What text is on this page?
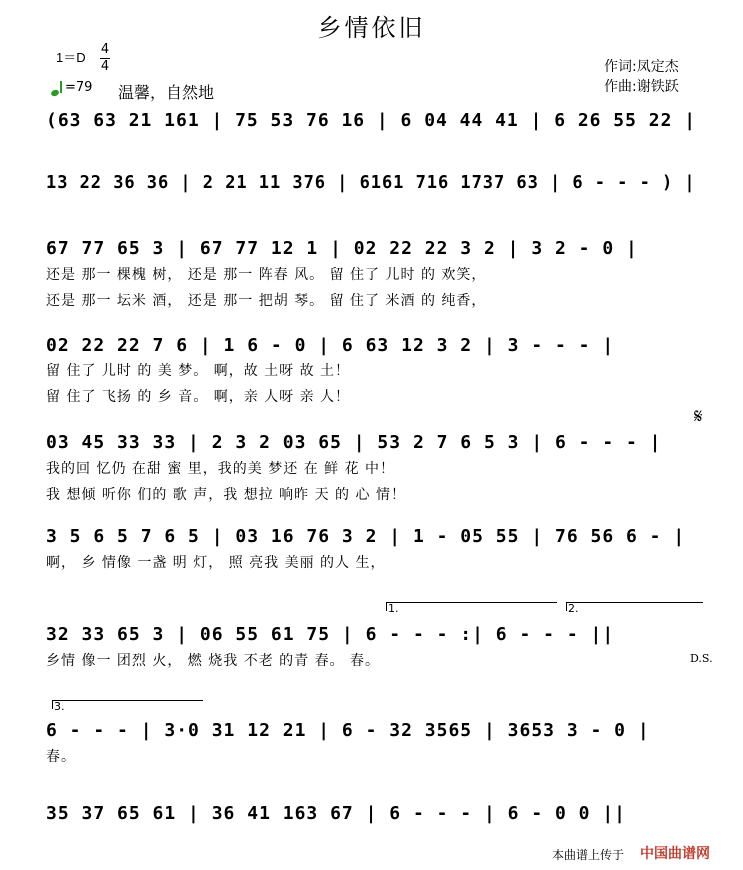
乡情依旧
1＝D
4
4
=79 温馨，自然地
作词:凤定杰
作曲:谢铁跃
(63 63 21 161 | 75 53 76 16 | 6 04 44 41 | 6 26 55 22 |
13 22 36 36 | 2 21 11 376 | 6161 716 1737 63 | 6 - - - ) |
67 77 65 3 | 67 77 12 1 | 02 22 22 3 2 | 3 2 - 0 |
还是 那一 棵槐 树， 还是 那一 阵春 风。 留 住了 儿时 的 欢笑，
还是 那一 坛米 酒， 还是 那一 把胡 琴。 留 住了 米酒 的 纯香，
02 22 22 7 6 | 1 6 - 0 | 6 63 12 3 2 | 3 - - - |
留 住了 儿时 的 美 梦。 啊，故 土呀 故 土！
留 住了 飞扬 的 乡 音。 啊，亲 人呀 亲 人！
𝄋
03 45 33 33 | 2 3 2 03 65 | 53 2 7 6 5 3 | 6 - - - |
我的回 忆仍 在甜 蜜 里，我的美 梦还 在 鲜 花 中！
我 想倾 听你 们的 歌 声，我 想拉 响昨 天 的 心 情！
3 5 6 5 7 6 5 | 03 16 76 3 2 | 1 - 05 55 | 76 56 6 - |
啊， 乡 情像 一盏 明 灯， 照 亮我 美丽 的人 生，
1.	2.
32 33 65 3 | 06 55 61 75 | 6 - - - :| 6 - - - ||
乡情 像一 团烈 火， 燃 烧我 不老 的青 春。 春。	D.S.
3.
6 - - - | 3·0 31 12 21 | 6 - 32 3565 | 3653 3 - 0 |
春。
35 37 65 61 | 36 41 163 67 | 6 - - - | 6 - 0 0 ||
本曲谱上传于 中国曲谱网
